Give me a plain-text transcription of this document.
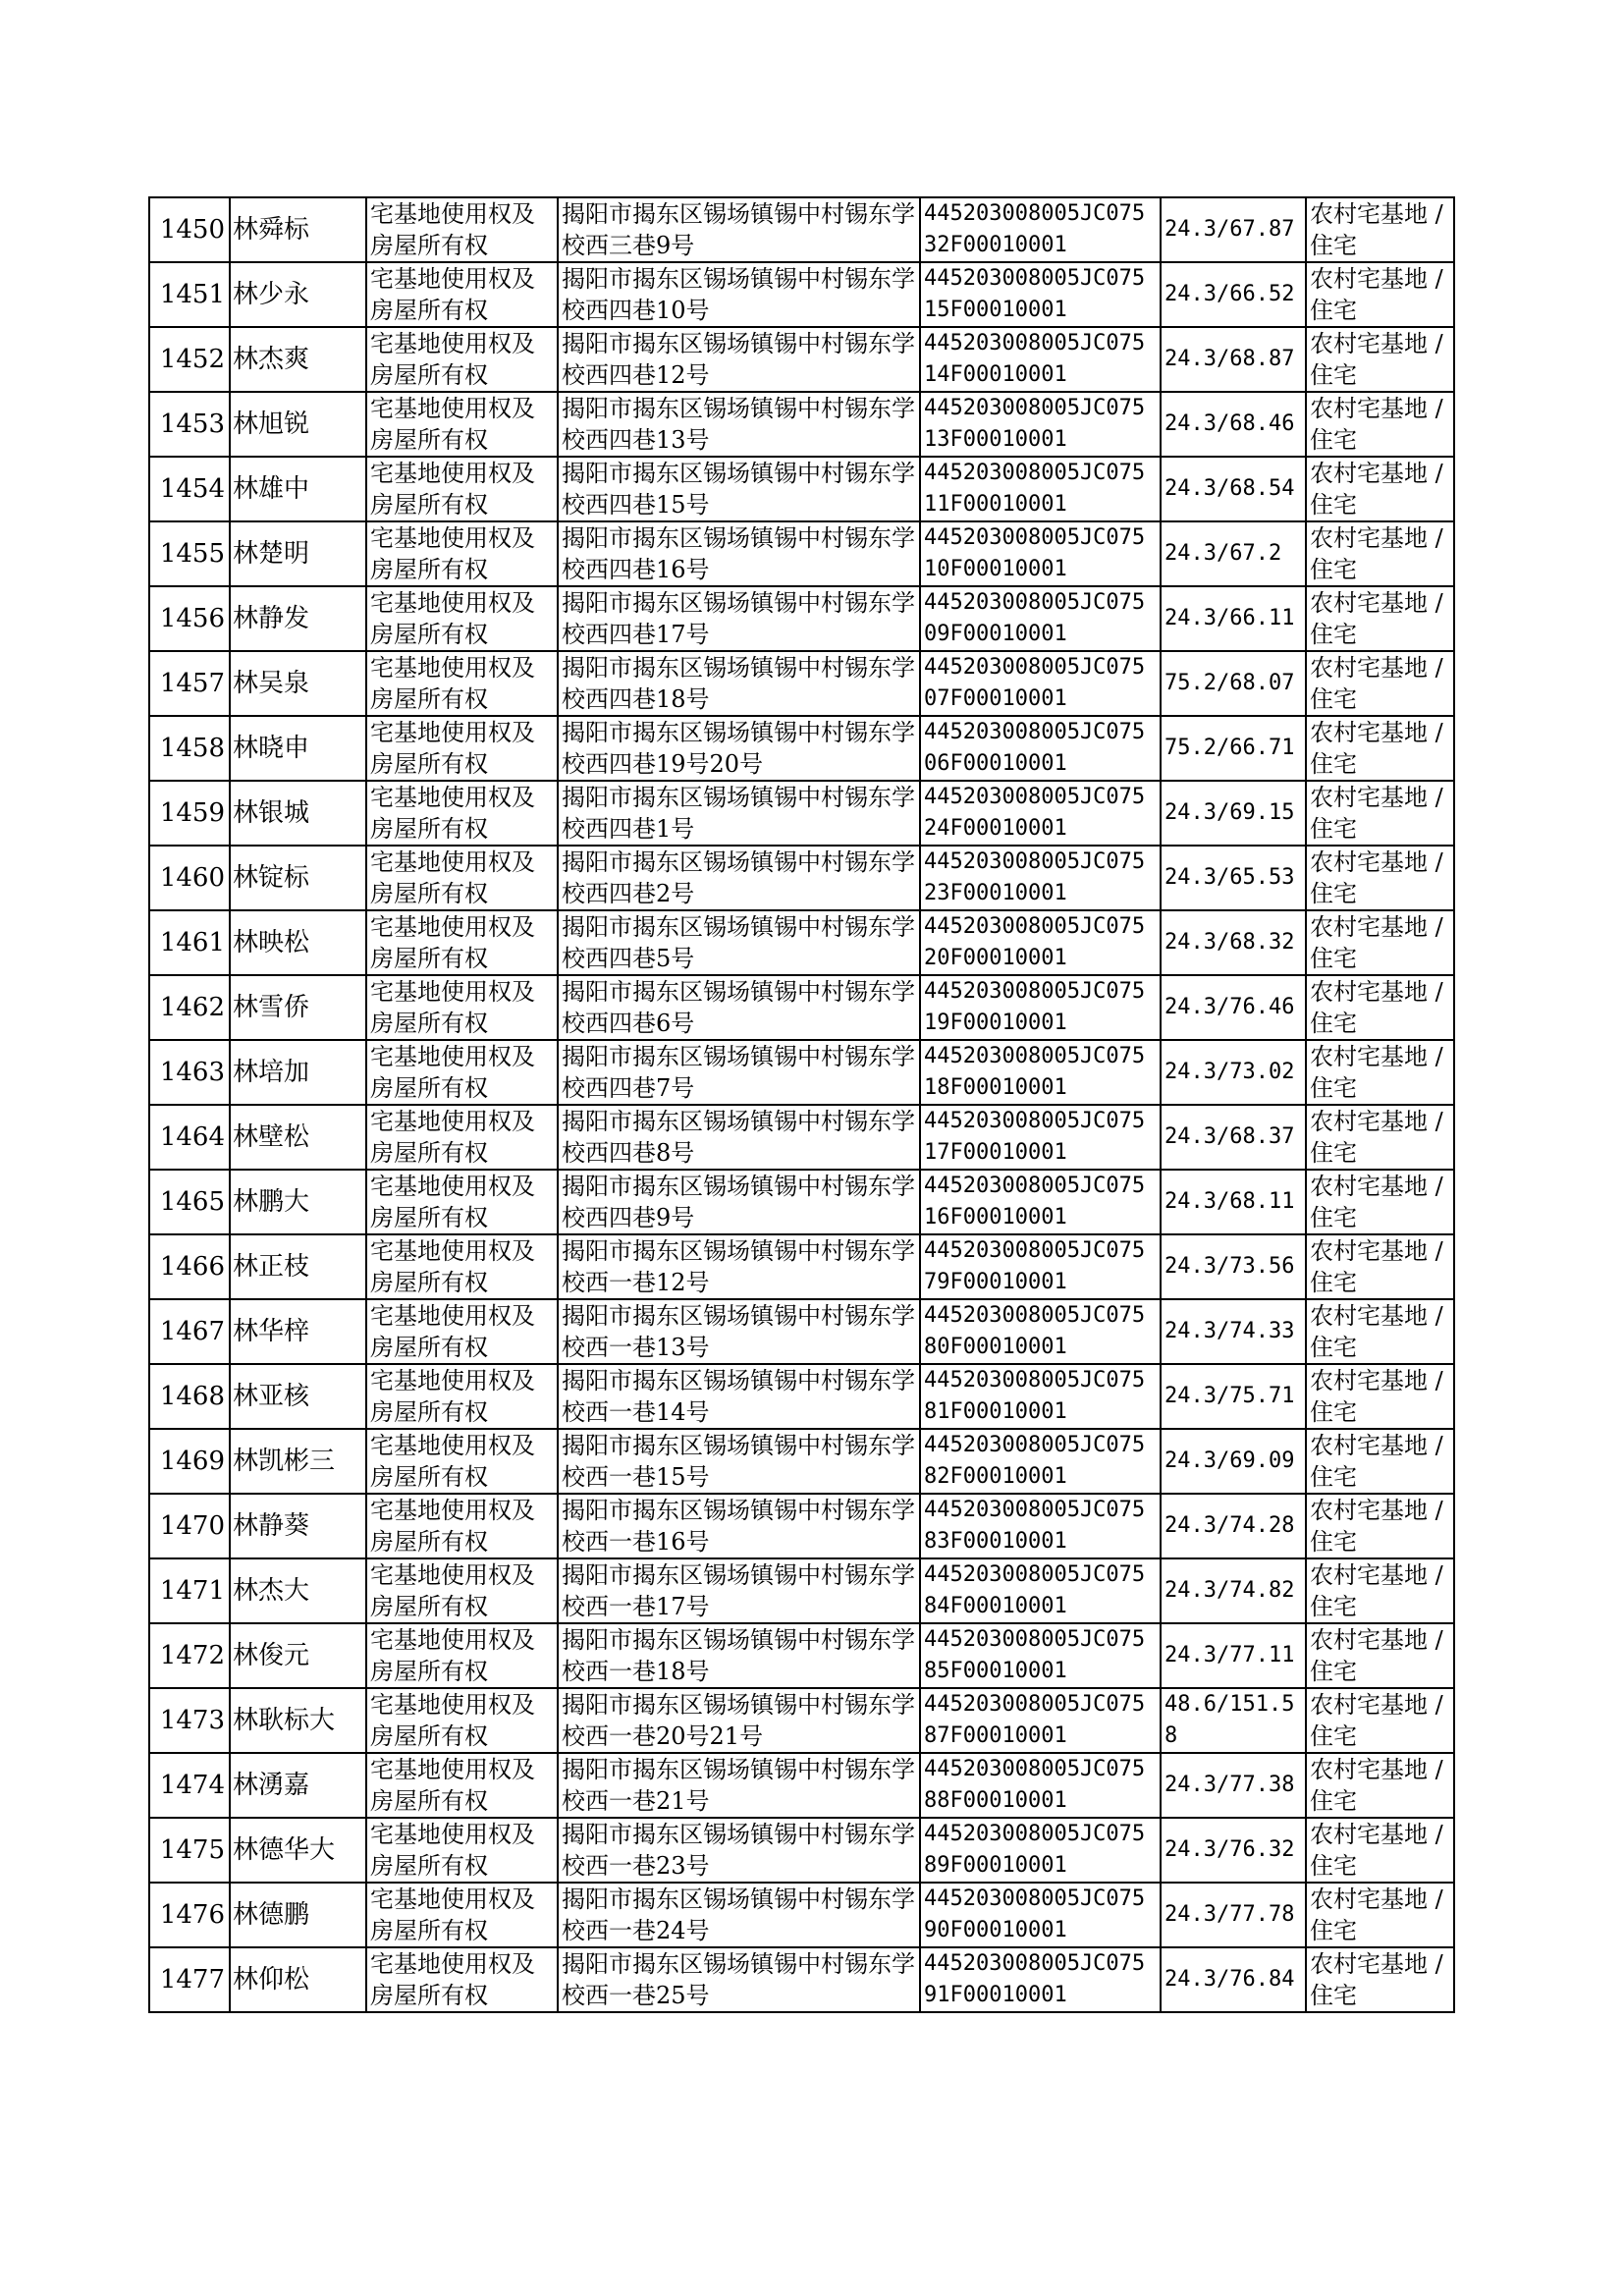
1450	林舜标	宅基地使用权及房屋所有权	揭阳市揭东区锡场镇锡中村锡东学校西三巷9号	445203008005JC07532F00010001	24.3/67.87	农村宅基地 / 住宅
1451	林少永	宅基地使用权及房屋所有权	揭阳市揭东区锡场镇锡中村锡东学校西四巷10号	445203008005JC07515F00010001	24.3/66.52	农村宅基地 / 住宅
1452	林杰爽	宅基地使用权及房屋所有权	揭阳市揭东区锡场镇锡中村锡东学校西四巷12号	445203008005JC07514F00010001	24.3/68.87	农村宅基地 / 住宅
1453	林旭锐	宅基地使用权及房屋所有权	揭阳市揭东区锡场镇锡中村锡东学校西四巷13号	445203008005JC07513F00010001	24.3/68.46	农村宅基地 / 住宅
1454	林雄中	宅基地使用权及房屋所有权	揭阳市揭东区锡场镇锡中村锡东学校西四巷15号	445203008005JC07511F00010001	24.3/68.54	农村宅基地 / 住宅
1455	林楚明	宅基地使用权及房屋所有权	揭阳市揭东区锡场镇锡中村锡东学校西四巷16号	445203008005JC07510F00010001	24.3/67.2	农村宅基地 / 住宅
1456	林静发	宅基地使用权及房屋所有权	揭阳市揭东区锡场镇锡中村锡东学校西四巷17号	445203008005JC07509F00010001	24.3/66.11	农村宅基地 / 住宅
1457	林吴泉	宅基地使用权及房屋所有权	揭阳市揭东区锡场镇锡中村锡东学校西四巷18号	445203008005JC07507F00010001	75.2/68.07	农村宅基地 / 住宅
1458	林晓申	宅基地使用权及房屋所有权	揭阳市揭东区锡场镇锡中村锡东学校西四巷19号20号	445203008005JC07506F00010001	75.2/66.71	农村宅基地 / 住宅
1459	林银城	宅基地使用权及房屋所有权	揭阳市揭东区锡场镇锡中村锡东学校西四巷1号	445203008005JC07524F00010001	24.3/69.15	农村宅基地 / 住宅
1460	林锭标	宅基地使用权及房屋所有权	揭阳市揭东区锡场镇锡中村锡东学校西四巷2号	445203008005JC07523F00010001	24.3/65.53	农村宅基地 / 住宅
1461	林映松	宅基地使用权及房屋所有权	揭阳市揭东区锡场镇锡中村锡东学校西四巷5号	445203008005JC07520F00010001	24.3/68.32	农村宅基地 / 住宅
1462	林雪侨	宅基地使用权及房屋所有权	揭阳市揭东区锡场镇锡中村锡东学校西四巷6号	445203008005JC07519F00010001	24.3/76.46	农村宅基地 / 住宅
1463	林培加	宅基地使用权及房屋所有权	揭阳市揭东区锡场镇锡中村锡东学校西四巷7号	445203008005JC07518F00010001	24.3/73.02	农村宅基地 / 住宅
1464	林壁松	宅基地使用权及房屋所有权	揭阳市揭东区锡场镇锡中村锡东学校西四巷8号	445203008005JC07517F00010001	24.3/68.37	农村宅基地 / 住宅
1465	林鹏大	宅基地使用权及房屋所有权	揭阳市揭东区锡场镇锡中村锡东学校西四巷9号	445203008005JC07516F00010001	24.3/68.11	农村宅基地 / 住宅
1466	林正枝	宅基地使用权及房屋所有权	揭阳市揭东区锡场镇锡中村锡东学校西一巷12号	445203008005JC07579F00010001	24.3/73.56	农村宅基地 / 住宅
1467	林华梓	宅基地使用权及房屋所有权	揭阳市揭东区锡场镇锡中村锡东学校西一巷13号	445203008005JC07580F00010001	24.3/74.33	农村宅基地 / 住宅
1468	林亚核	宅基地使用权及房屋所有权	揭阳市揭东区锡场镇锡中村锡东学校西一巷14号	445203008005JC07581F00010001	24.3/75.71	农村宅基地 / 住宅
1469	林凯彬三	宅基地使用权及房屋所有权	揭阳市揭东区锡场镇锡中村锡东学校西一巷15号	445203008005JC07582F00010001	24.3/69.09	农村宅基地 / 住宅
1470	林静葵	宅基地使用权及房屋所有权	揭阳市揭东区锡场镇锡中村锡东学校西一巷16号	445203008005JC07583F00010001	24.3/74.28	农村宅基地 / 住宅
1471	林杰大	宅基地使用权及房屋所有权	揭阳市揭东区锡场镇锡中村锡东学校西一巷17号	445203008005JC07584F00010001	24.3/74.82	农村宅基地 / 住宅
1472	林俊元	宅基地使用权及房屋所有权	揭阳市揭东区锡场镇锡中村锡东学校西一巷18号	445203008005JC07585F00010001	24.3/77.11	农村宅基地 / 住宅
1473	林耿标大	宅基地使用权及房屋所有权	揭阳市揭东区锡场镇锡中村锡东学校西一巷20号21号	445203008005JC07587F00010001	48.6/151.58	农村宅基地 / 住宅
1474	林湧嘉	宅基地使用权及房屋所有权	揭阳市揭东区锡场镇锡中村锡东学校西一巷21号	445203008005JC07588F00010001	24.3/77.38	农村宅基地 / 住宅
1475	林德华大	宅基地使用权及房屋所有权	揭阳市揭东区锡场镇锡中村锡东学校西一巷23号	445203008005JC07589F00010001	24.3/76.32	农村宅基地 / 住宅
1476	林德鹏	宅基地使用权及房屋所有权	揭阳市揭东区锡场镇锡中村锡东学校西一巷24号	445203008005JC07590F00010001	24.3/77.78	农村宅基地 / 住宅
1477	林仰松	宅基地使用权及房屋所有权	揭阳市揭东区锡场镇锡中村锡东学校西一巷25号	445203008005JC07591F00010001	24.3/76.84	农村宅基地 / 住宅
